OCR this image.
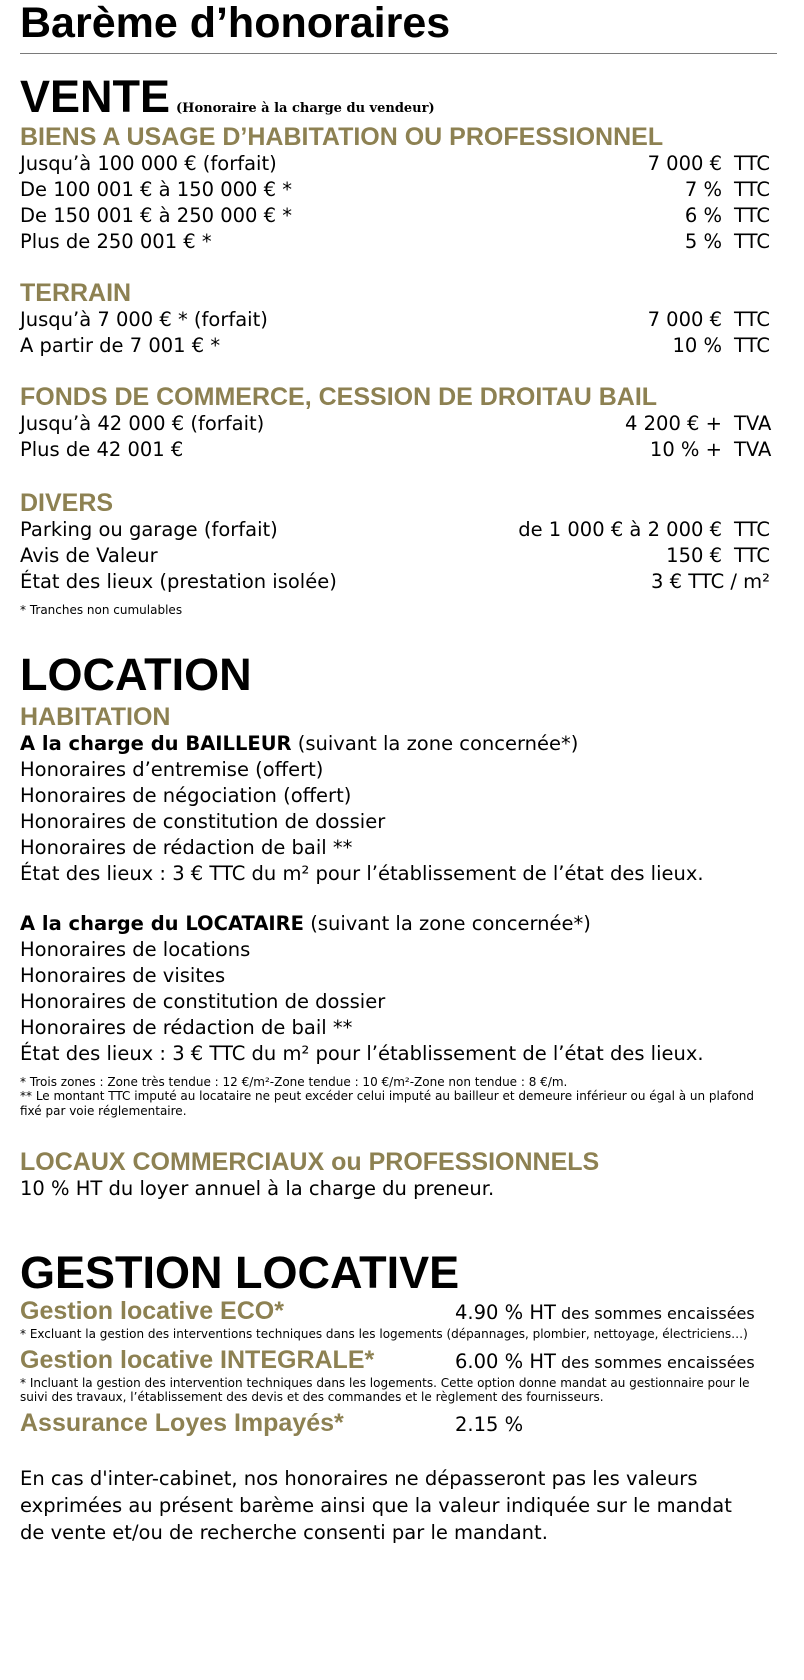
Barème d’honoraires
VENTE (Honoraire à la charge du vendeur)
BIENS A USAGE D’HABITATION OU PROFESSIONNEL
Jusqu’à 100 000 € (forfait)	7 000 € TTC
De 100 001 € à 150 000 € *	7 % TTC
De 150 001 € à 250 000 € *	6 % TTC
Plus de 250 001 € *	5 % TTC
TERRAIN
Jusqu’à 7 000 € * (forfait)	7 000 € TTC
A partir de 7 001 € *	10 % TTC
FONDS DE COMMERCE, CESSION DE DROITAU BAIL
Jusqu’à 42 000 € (forfait)	4 200 € + TVA
Plus de 42 001 €	10 % + TVA
DIVERS
Parking ou garage (forfait)	de 1 000 € à 2 000 € TTC
Avis de Valeur	150 € TTC
État des lieux (prestation isolée)	3 € TTC / m²
* Tranches non cumulables
LOCATION
HABITATION
A la charge du BAILLEUR (suivant la zone concernée*)
Honoraires d’entremise (offert)
Honoraires de négociation (offert)
Honoraires de constitution de dossier
Honoraires de rédaction de bail **
État des lieux : 3 € TTC du m² pour l’établissement de l’état des lieux.
A la charge du LOCATAIRE (suivant la zone concernée*)
Honoraires de locations
Honoraires de visites
Honoraires de constitution de dossier
Honoraires de rédaction de bail **
État des lieux : 3 € TTC du m² pour l’établissement de l’état des lieux.
* Trois zones : Zone très tendue : 12 €/m²-Zone tendue : 10 €/m²-Zone non tendue : 8 €/m.
** Le montant TTC imputé au locataire ne peut excéder celui imputé au bailleur et demeure inférieur ou égal à un plafond fixé par voie réglementaire.
LOCAUX COMMERCIAUX ou PROFESSIONNELS
10 % HT du loyer annuel à la charge du preneur.
GESTION LOCATIVE
Gestion locative ECO*	4.90 % HT des sommes encaissées
* Excluant la gestion des interventions techniques dans les logements (dépannages, plombier, nettoyage, électriciens…)
Gestion locative INTEGRALE*	6.00 % HT des sommes encaissées
* Incluant la gestion des intervention techniques dans les logements. Cette option donne mandat au gestionnaire pour le suivi des travaux, l’établissement des devis et des commandes et le règlement des fournisseurs.
Assurance Loyes Impayés*	2.15 %
En cas d'inter-cabinet, nos honoraires ne dépasseront pas les valeurs exprimées au présent barème ainsi que la valeur indiquée sur le mandat de vente et/ou de recherche consenti par le mandant.
